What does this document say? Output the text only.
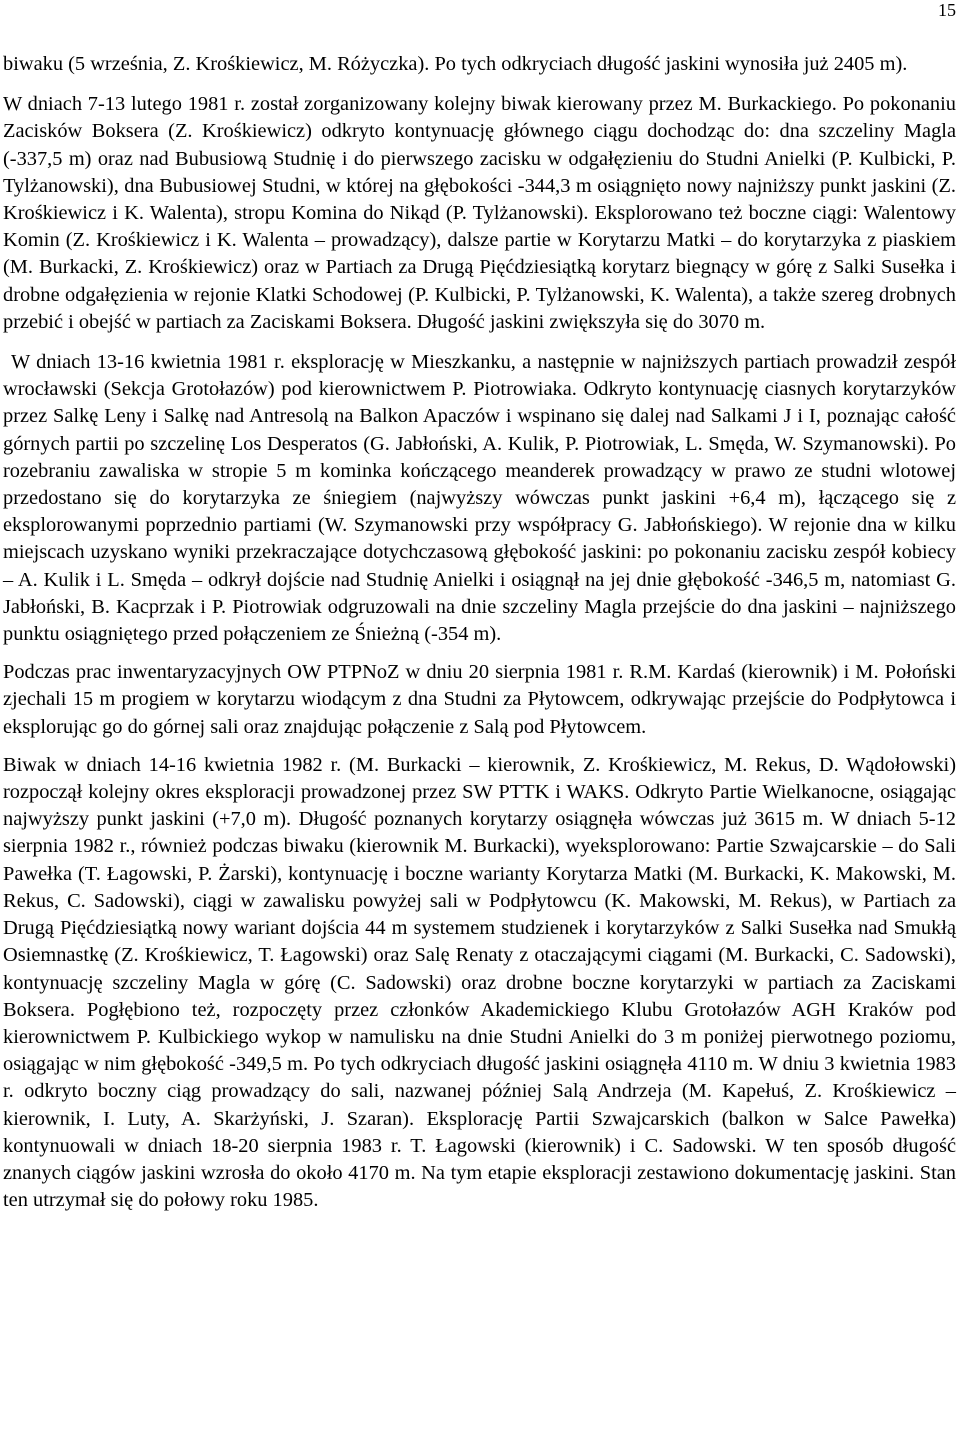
15

biwaku (5 września, Z. Krośkiewicz, M. Różyczka). Po tych odkryciach długość jaskini wynosiła już 2405 m).

W dniach 7-13 lutego 1981 r. został zorganizowany kolejny biwak kierowany przez M. Burkackiego. Po pokonaniu Zacisków Boksera (Z. Krośkiewicz) odkryto kontynuację głównego ciągu dochodząc do: dna szczeliny Magla (-337,5 m) oraz nad Bubusiową Studnię i do pierwszego zacisku w odgałęzieniu do Studni Anielki (P. Kulbicki, P. Tylżanowski), dna Bubusiowej Studni, w której na głębokości -344,3 m osiągnięto nowy najniższy punkt jaskini (Z. Krośkiewicz i K. Walenta), stropu Komina do Nikąd (P. Tylżanowski). Eksplorowano też boczne ciągi: Walentowy Komin (Z. Krośkiewicz i K. Walenta – prowadzący), dalsze partie w Korytarzu Matki – do korytarzyka z piaskiem (M. Burkacki, Z. Krośkiewicz) oraz w Partiach za Drugą Pięćdziesiątką korytarz biegnący w górę z Salki Susełka i drobne odgałęzienia w rejonie Klatki Schodowej (P. Kulbicki, P. Tylżanowski, K. Walenta), a także szereg drobnych przebić i obejść w partiach za Zaciskami Boksera. Długość jaskini zwiększyła się do 3070 m.

W dniach 13-16 kwietnia 1981 r. eksplorację w Mieszkanku, a następnie w najniższych partiach prowadził zespół wrocławski (Sekcja Grotołazów) pod kierownictwem P. Piotrowiaka. Odkryto kontynuację ciasnych korytarzyków przez Salkę Leny i Salkę nad Antresolą na Balkon Apaczów i wspinano się dalej nad Salkami J i I, poznając całość górnych partii po szczelinę Los Desperatos (G. Jabłoński, A. Kulik, P. Piotrowiak, L. Smęda, W. Szymanowski). Po rozebraniu zawaliska w stropie 5 m kominka kończącego meanderek prowadzący w prawo ze studni wlotowej przedostano się do korytarzyka ze śniegiem (najwyższy wówczas punkt jaskini +6,4 m), łączącego się z eksplorowanymi poprzednio partiami (W. Szymanowski przy współpracy G. Jabłońskiego). W rejonie dna w kilku miejscach uzyskano wyniki przekraczające dotychczasową głębokość jaskini: po pokonaniu zacisku zespół kobiecy – A. Kulik i L. Smęda – odkrył dojście nad Studnię Anielki i osiągnął na jej dnie głębokość -346,5 m, natomiast G. Jabłoński, B. Kacprzak i P. Piotrowiak odgruzowali na dnie szczeliny Magla przejście do dna jaskini – najniższego punktu osiągniętego przed połączeniem ze Śnieżną (-354 m).

Podczas prac inwentaryzacyjnych OW PTPNoZ w dniu 20 sierpnia 1981 r. R.M. Kardaś (kierownik) i M. Połoński zjechali 15 m progiem w korytarzu wiodącym z dna Studni za Płytowcem, odkrywając przejście do Podpłytowca i eksplorując go do górnej sali oraz znajdując połączenie z Salą pod Płytowcem.

Biwak w dniach 14-16 kwietnia 1982 r. (M. Burkacki – kierownik, Z. Krośkiewicz, M. Rekus, D. Wądołowski) rozpoczął kolejny okres eksploracji prowadzonej przez SW PTTK i WAKS. Odkryto Partie Wielkanocne, osiągając najwyższy punkt jaskini (+7,0 m). Długość poznanych korytarzy osiągnęła wówczas już 3615 m. W dniach 5-12 sierpnia 1982 r., również podczas biwaku (kierownik M. Burkacki), wyeksplorowano: Partie Szwajcarskie – do Sali Pawełka (T. Łagowski, P. Żarski), kontynuację i boczne warianty Korytarza Matki (M. Burkacki, K. Makowski, M. Rekus, C. Sadowski), ciągi w zawalisku powyżej sali w Podpłytowcu (K. Makowski, M. Rekus), w Partiach za Drugą Pięćdziesiątką nowy wariant dojścia 44 m systemem studzienek i korytarzyków z Salki Susełka nad Smukłą Osiemnastkę (Z. Krośkiewicz, T. Łagowski) oraz Salę Renaty z otaczającymi ciągami (M. Burkacki, C. Sadowski), kontynuację szczeliny Magla w górę (C. Sadowski) oraz drobne boczne korytarzyki w partiach za Zaciskami Boksera. Pogłębiono też, rozpoczęty przez członków Akademickiego Klubu Grotołazów AGH Kraków pod kierownictwem P. Kulbickiego wykop w namulisku na dnie Studni Anielki do 3 m poniżej pierwotnego poziomu, osiągając w nim głębokość -349,5 m. Po tych odkryciach długość jaskini osiągnęła 4110 m. W dniu 3 kwietnia 1983 r. odkryto boczny ciąg prowadzący do sali, nazwanej później Salą Andrzeja (M. Kapełuś, Z. Krośkiewicz – kierownik, I. Luty, A. Skarżyński, J. Szaran). Eksplorację Partii Szwajcarskich (balkon w Salce Pawełka) kontynuowali w dniach 18-20 sierpnia 1983 r. T. Łagowski (kierownik) i C. Sadowski. W ten sposób długość znanych ciągów jaskini wzrosła do około 4170 m. Na tym etapie eksploracji zestawiono dokumentację jaskini. Stan ten utrzymał się do połowy roku 1985.
